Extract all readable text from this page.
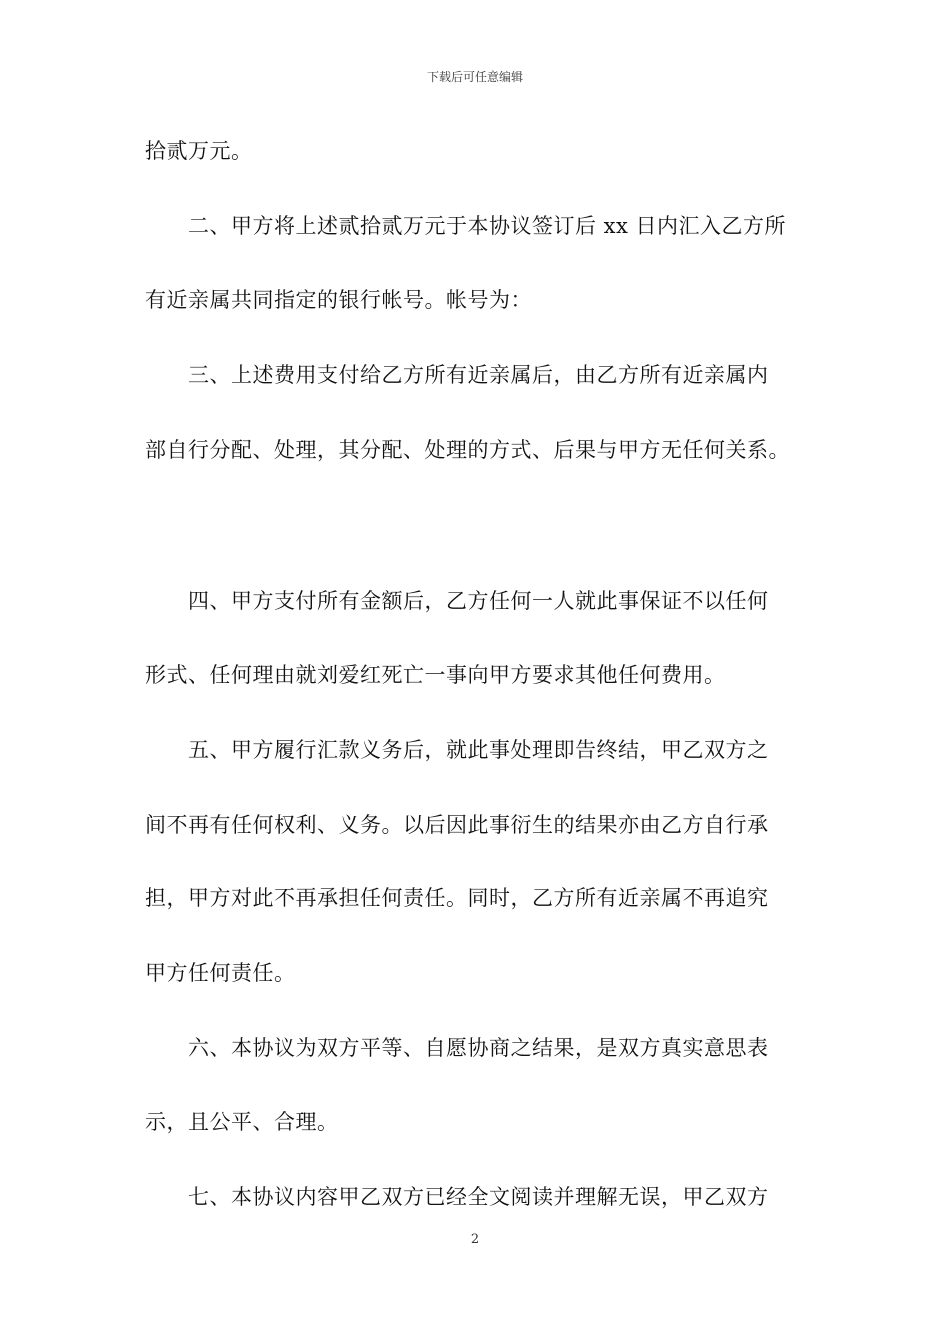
下载后可任意编辑
拾贰万元。
　　二、甲方将上述贰拾贰万元于本协议签订后 xx 日内汇入乙方所
有近亲属共同指定的银行帐号。帐号为：
　　三、上述费用支付给乙方所有近亲属后，由乙方所有近亲属内
部自行分配、处理，其分配、处理的方式、后果与甲方无任何关系。
　　四、甲方支付所有金额后，乙方任何一人就此事保证不以任何
形式、任何理由就刘爱红死亡一事向甲方要求其他任何费用。
　　五、甲方履行汇款义务后，就此事处理即告终结，甲乙双方之
间不再有任何权利、义务。以后因此事衍生的结果亦由乙方自行承
担，甲方对此不再承担任何责任。同时，乙方所有近亲属不再追究
甲方任何责任。
　　六、本协议为双方平等、自愿协商之结果，是双方真实意思表
示，且公平、合理。
　　七、本协议内容甲乙双方已经全文阅读并理解无误，甲乙双方
2
